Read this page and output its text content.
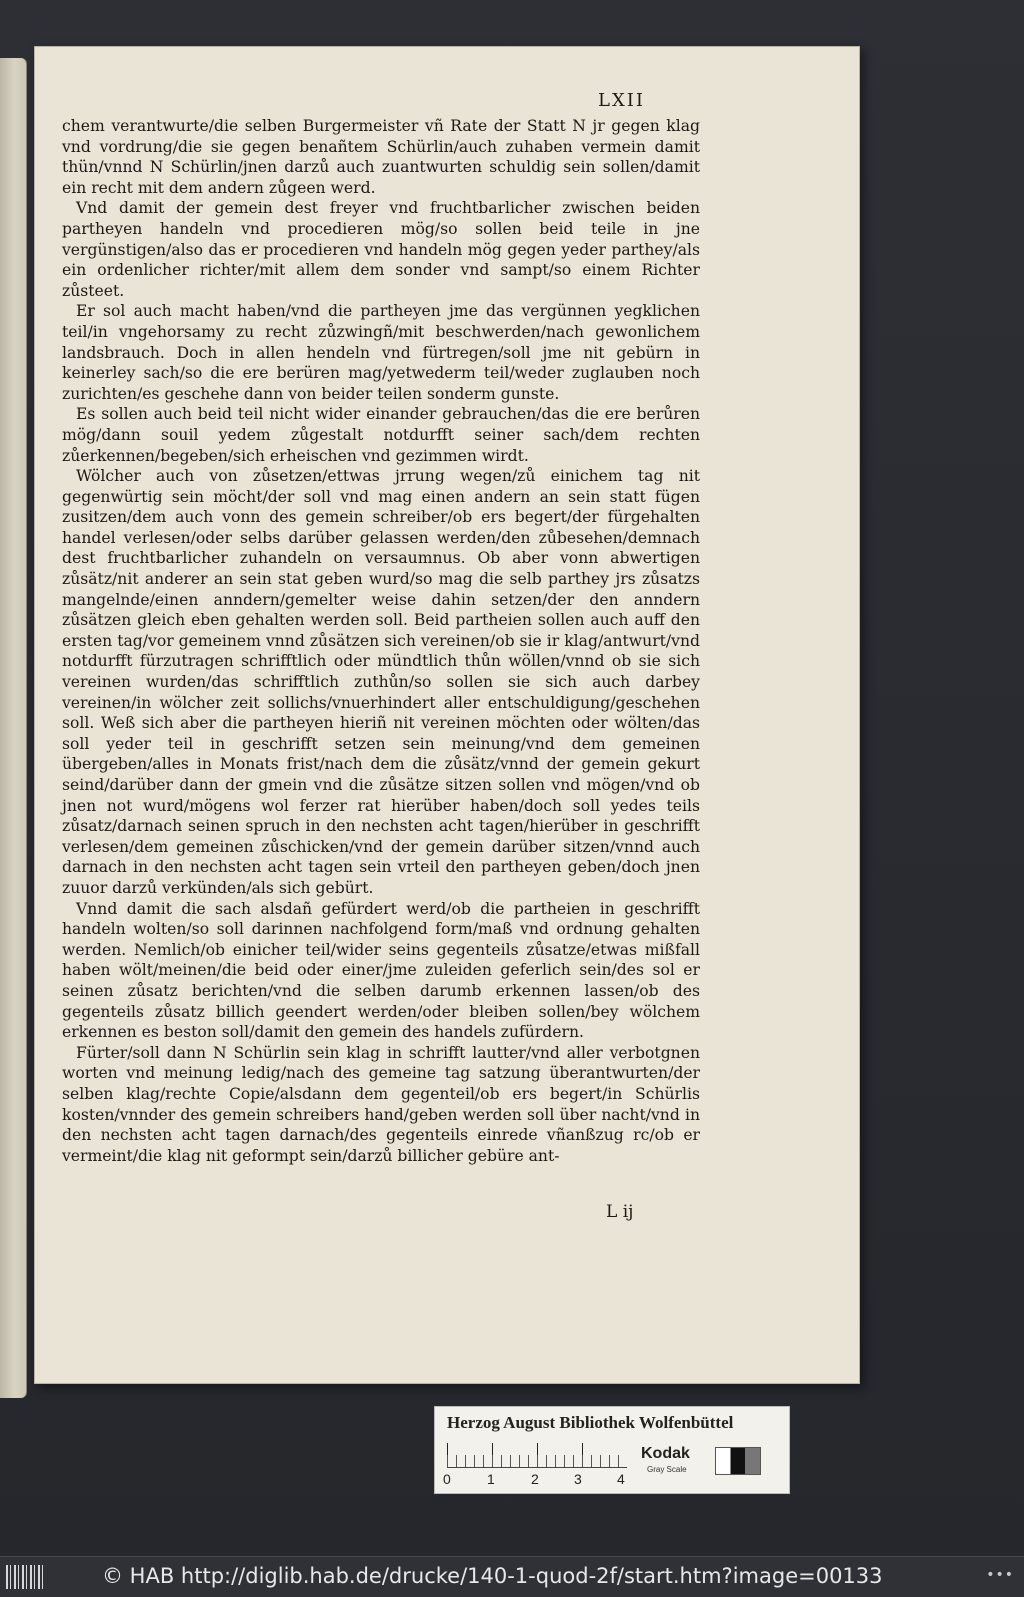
LXII

chem verantwurte/die selben Burgermeister vñ Rate der Statt N jr gegen klag vnd vordrung/die sie gegen benañtem Schürlin/auch zuhaben vermein damit thün/vnnd N Schürlin/jnen darzů auch zuantwurten schuldig sein sollen/damit ein recht mit dem andern zůgeen werd.

Vnd damit der gemein dest freyer vnd fruchtbarlicher zwischen beiden partheyen handeln vnd procedieren mög/so sollen beid teile in jne vergünstigen/also das er procedieren vnd handeln mög gegen yeder parthey/als ein ordenlicher richter/mit allem dem sonder vnd sampt/so einem Richter zůsteet.

Er sol auch macht haben/vnd die partheyen jme das vergünnen yegklichen teil/in vngehorsamy zu recht zůzwingñ/mit beschwerden/nach gewonlichem landsbrauch. Doch in allen hendeln vnd fürtregen/soll jme nit gebürn in keinerley sach/so die ere berüren mag/yetwederm teil/weder zuglauben noch zurichten/es geschehe dann von beider teilen sonderm gunste.

Es sollen auch beid teil nicht wider einander gebrauchen/das die ere berůren mög/dann souil yedem zůgestalt notdurfft seiner sach/dem rechten zůerkennen/begeben/sich erheischen vnd gezimmen wirdt.

Wölcher auch von zůsetzen/ettwas jrrung wegen/zů einichem tag nit gegenwürtig sein möcht/der soll vnd mag einen andern an sein statt fügen zusitzen/dem auch vonn des gemein schreiber/ob ers begert/der fürgehalten handel verlesen/oder selbs darüber gelassen werden/den zůbesehen/demnach dest fruchtbarlicher zuhandeln on versaumnus. Ob aber vonn abwertigen zůsätz/nit anderer an sein stat geben wurd/so mag die selb parthey jrs zůsatzs mangelnde/einen anndern/gemelter weise dahin setzen/der den anndern zůsätzen gleich eben gehalten werden soll. Beid partheien sollen auch auff den ersten tag/vor gemeinem vnnd zůsätzen sich vereinen/ob sie ir klag/antwurt/vnd notdurfft fürzutragen schrifftlich oder mündtlich thůn wöllen/vnnd ob sie sich vereinen wurden/das schrifftlich zuthůn/so sollen sie sich auch darbey vereinen/in wölcher zeit sollichs/vnuerhindert aller entschuldigung/geschehen soll. Weß sich aber die partheyen hieriñ nit vereinen möchten oder wölten/das soll yeder teil in geschrifft setzen sein meinung/vnd dem gemeinen übergeben/alles in Monats frist/nach dem die zůsätz/vnnd der gemein gekurt seind/darüber dann der gmein vnd die zůsätze sitzen sollen vnd mögen/vnd ob jnen not wurd/mögens wol ferzer rat hierüber haben/doch soll yedes teils zůsatz/darnach seinen spruch in den nechsten acht tagen/hierüber in geschrifft verlesen/dem gemeinen zůschicken/vnd der gemein darüber sitzen/vnnd auch darnach in den nechsten acht tagen sein vrteil den partheyen geben/doch jnen zuuor darzů verkünden/als sich gebürt.

Vnnd damit die sach alsdañ gefürdert werd/ob die partheien in geschrifft handeln wolten/so soll darinnen nachfolgend form/maß vnd ordnung gehalten werden. Nemlich/ob einicher teil/wider seins gegenteils zůsatze/etwas mißfall haben wölt/meinen/die beid oder einer/jme zuleiden geferlich sein/des sol er seinen zůsatz berichten/vnd die selben darumb erkennen lassen/ob des gegenteils zůsatz billich geendert werden/oder bleiben sollen/bey wölchem erkennen es beston soll/damit den gemein des handels zufürdern.

Fürter/soll dann N Schürlin sein klag in schrifft lautter/vnd aller verbotgnen worten vnd meinung ledig/nach des gemeine tag satzung überantwurten/der selben klag/rechte Copie/alsdann dem gegenteil/ob ers begert/in Schürlis kosten/vnnder des gemein schreibers hand/geben werden soll über nacht/vnd in den nechsten acht tagen darnach/des gegenteils einrede vñanßzug rc/ob er vermeint/die klag nit geformpt sein/darzů billicher gebüre ant-

L ij
Herzog August Bibliothek Wolfenbüttel
0	1	2	3	4
Kodak
Gray Scale
© HAB http://diglib.hab.de/drucke/140-1-quod-2f/start.htm?image=00133	•••
